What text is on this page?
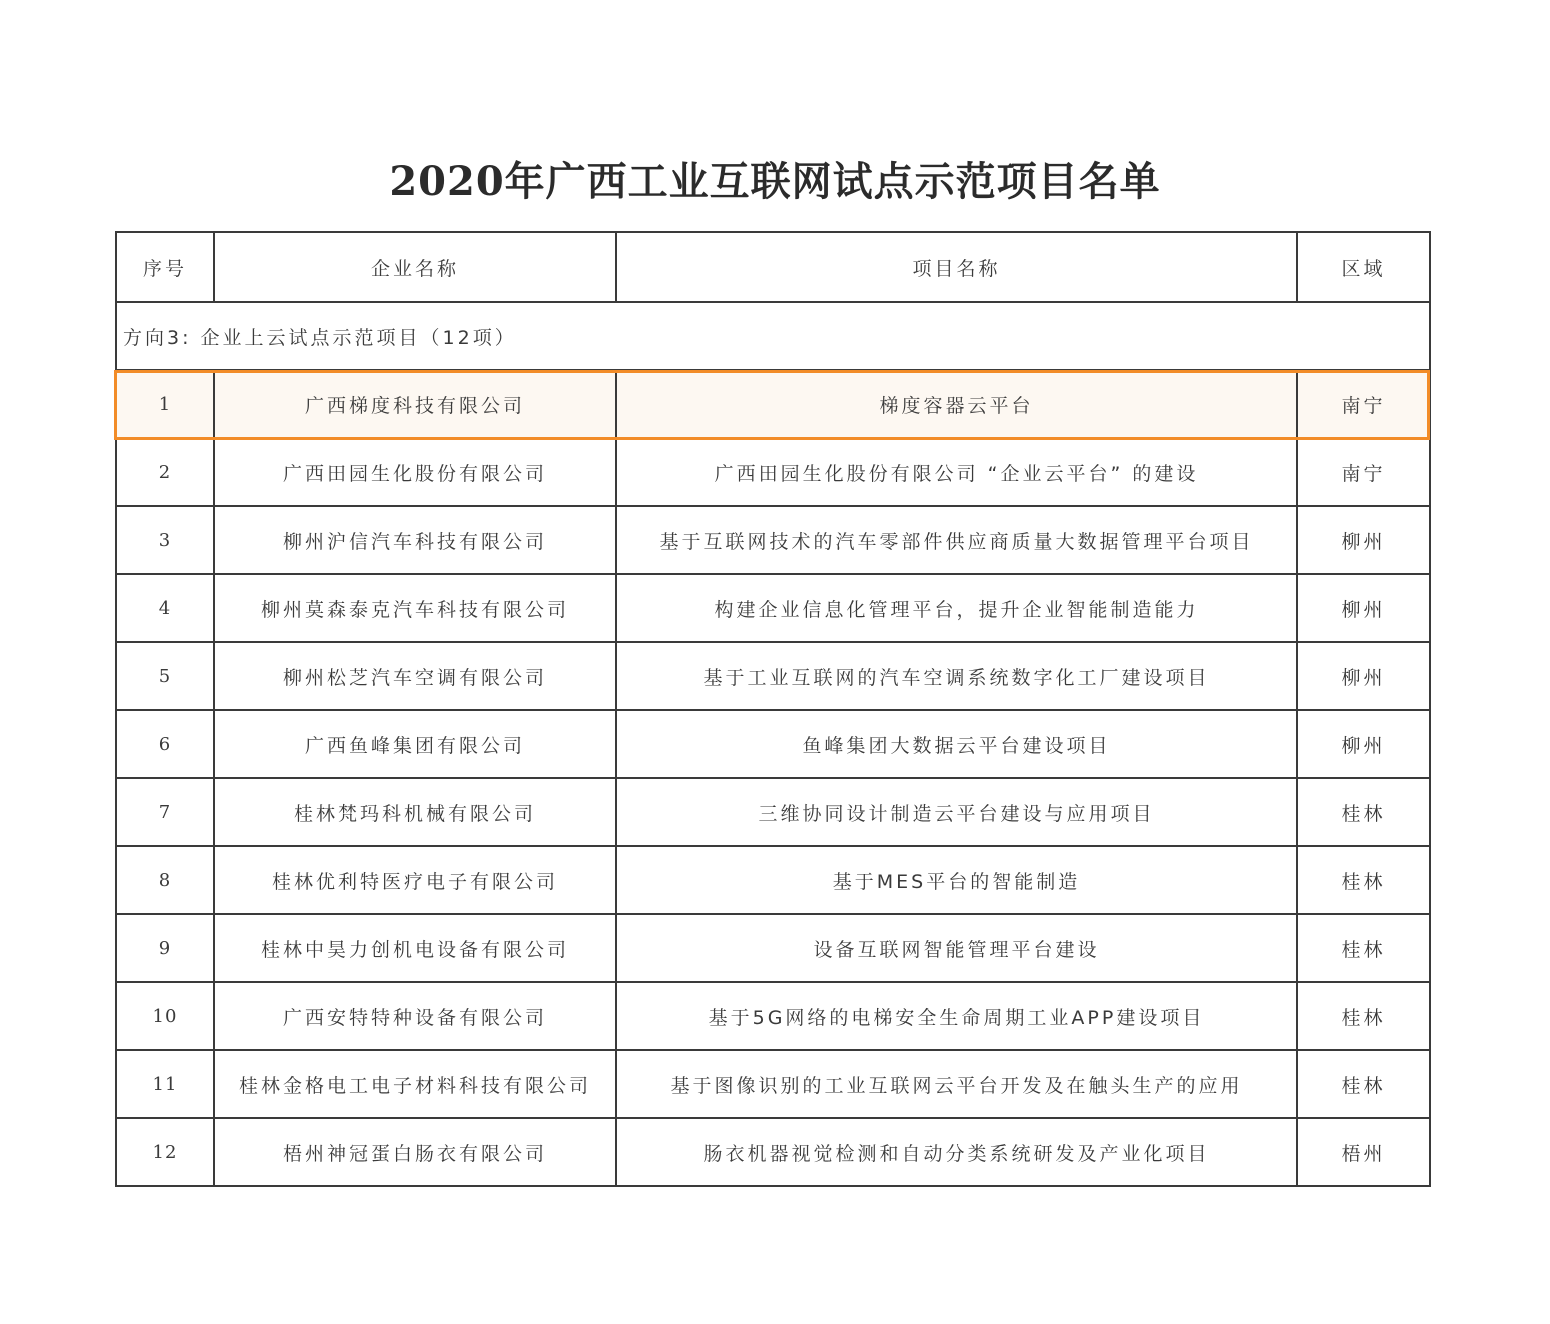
2020年广西工业互联网试点示范项目名单
序号	企业名称	项目名称	区域
方向3: 企业上云试点示范项目（12项）			
1	广西梯度科技有限公司	梯度容器云平台	南宁
2	广西田园生化股份有限公司	广西田园生化股份有限公司 “企业云平台” 的建设	南宁
3	柳州沪信汽车科技有限公司	基于互联网技术的汽车零部件供应商质量大数据管理平台项目	柳州
4	柳州莫森泰克汽车科技有限公司	构建企业信息化管理平台，提升企业智能制造能力	柳州
5	柳州松芝汽车空调有限公司	基于工业互联网的汽车空调系统数字化工厂建设项目	柳州
6	广西鱼峰集团有限公司	鱼峰集团大数据云平台建设项目	柳州
7	桂林梵玛科机械有限公司	三维协同设计制造云平台建设与应用项目	桂林
8	桂林优利特医疗电子有限公司	基于MES平台的智能制造	桂林
9	桂林中昊力创机电设备有限公司	设备互联网智能管理平台建设	桂林
10	广西安特特种设备有限公司	基于5G网络的电梯安全生命周期工业APP建设项目	桂林
11	桂林金格电工电子材料科技有限公司	基于图像识别的工业互联网云平台开发及在触头生产的应用	桂林
12	梧州神冠蛋白肠衣有限公司	肠衣机器视觉检测和自动分类系统研发及产业化项目	梧州
